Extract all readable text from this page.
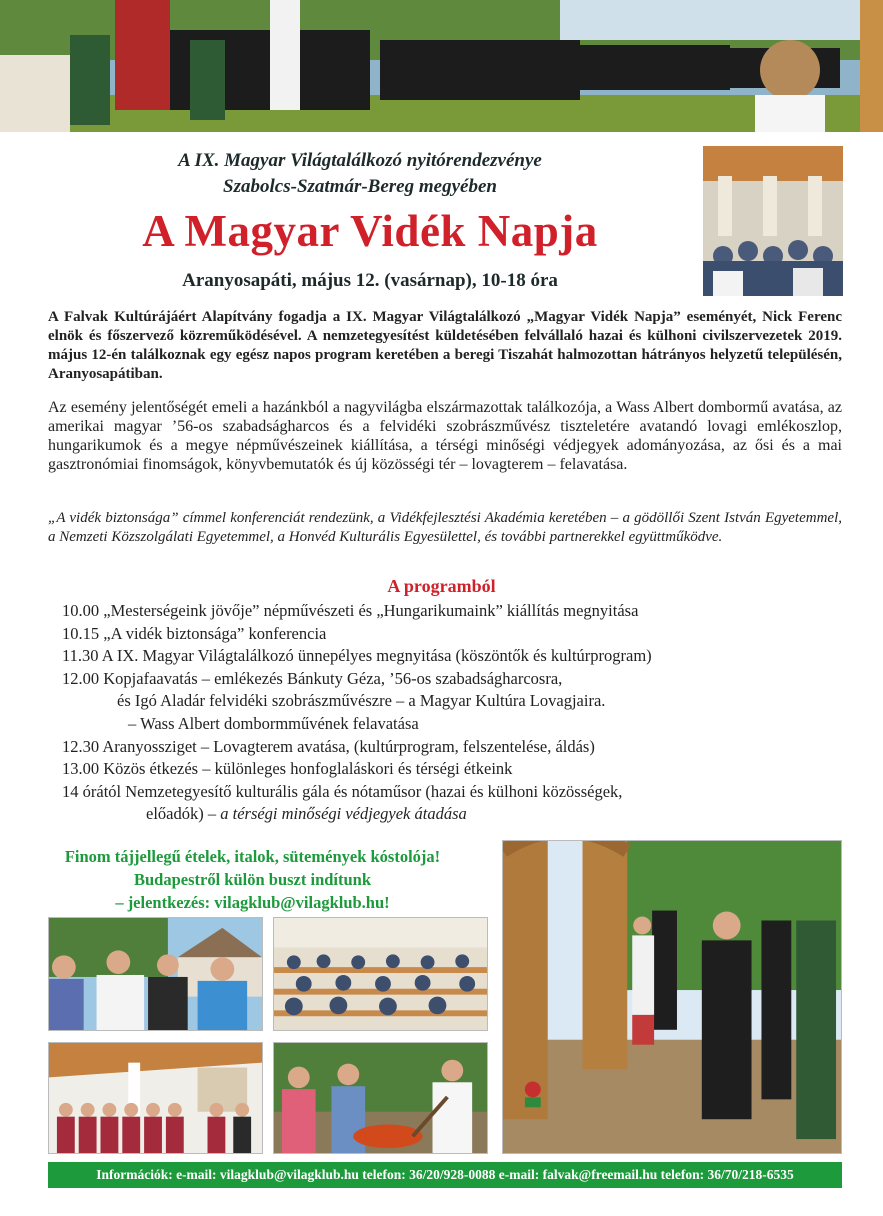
A IX. Magyar Világtalálkozó nyitórendezvénye
Szabolcs-Szatmár-Bereg megyében
A Magyar Vidék Napja
Aranyosapáti, május 12. (vasárnap), 10-18 óra

A Falvak Kultúrájáért Alapítvány fogadja a IX. Magyar Világtalálkozó „Magyar Vidék Napja” eseményét, Nick Ferenc elnök és főszervező közreműködésével. A nemzetegyesítést küldetésében felvállaló hazai és külhoni civilszervezetek 2019. május 12-én találkoznak egy egész napos program keretében a beregi Tiszahát halmozottan hátrányos helyzetű településén, Aranyosapátiban.

Az esemény jelentőségét emeli a hazánkból a nagyvilágba elszármazottak találkozója, a Wass Albert dombormű avatása, az amerikai magyar ’56-os szabadságharcos és a felvidéki szobrászművész tiszteletére avatandó lovagi emlékoszlop, hungarikumok és a megye népművészeinek kiállítása, a térségi minőségi védjegyek adományozása, az ősi és a mai gasztronómiai finomságok, könyvbemutatók és új közösségi tér – lovagterem – felavatása.

„A vidék biztonsága” címmel konferenciát rendezünk, a Vidékfejlesztési Akadémia keretében – a gödöllői Szent István Egyetemmel, a Nemzeti Közszolgálati Egyetemmel, a Honvéd Kulturális Egyesülettel, és további partnerekkel együttműködve.

A programból
10.00 „Mesterségeink jövője” népművészeti és „Hungarikumaink” kiállítás megnyitása
10.15 „A vidék biztonsága” konferencia
11.30 A IX. Magyar Világtalálkozó ünnepélyes megnyitása (köszöntők és kultúrprogram)
12.00 Kopjafaavatás – emlékezés Bánkuty Géza, ’56-os szabadságharcosra,
és Igó Aladár felvidéki szobrászművészre – a Magyar Kultúra Lovagjaira.
– Wass Albert dombormművének felavatása
12.30 Aranyossziget – Lovagterem avatása, (kultúrprogram, felszentelése, áldás)
13.00 Közös étkezés – különleges honfoglaláskori és térségi étkeink
14 órától Nemzetegyesítő kulturális gála és nótaműsor (hazai és külhoni közösségek,
előadók) – a térségi minőségi védjegyek átadása
Finom tájjellegű ételek, italok, sütemények kóstolója!
Budapestről külön buszt indítunk
– jelentkezés: vilagklub@vilagklub.hu!
Információk: e-mail: vilagklub@vilagklub.hu telefon: 36/20/928-0088 e-mail: falvak@freemail.hu telefon: 36/70/218-6535
